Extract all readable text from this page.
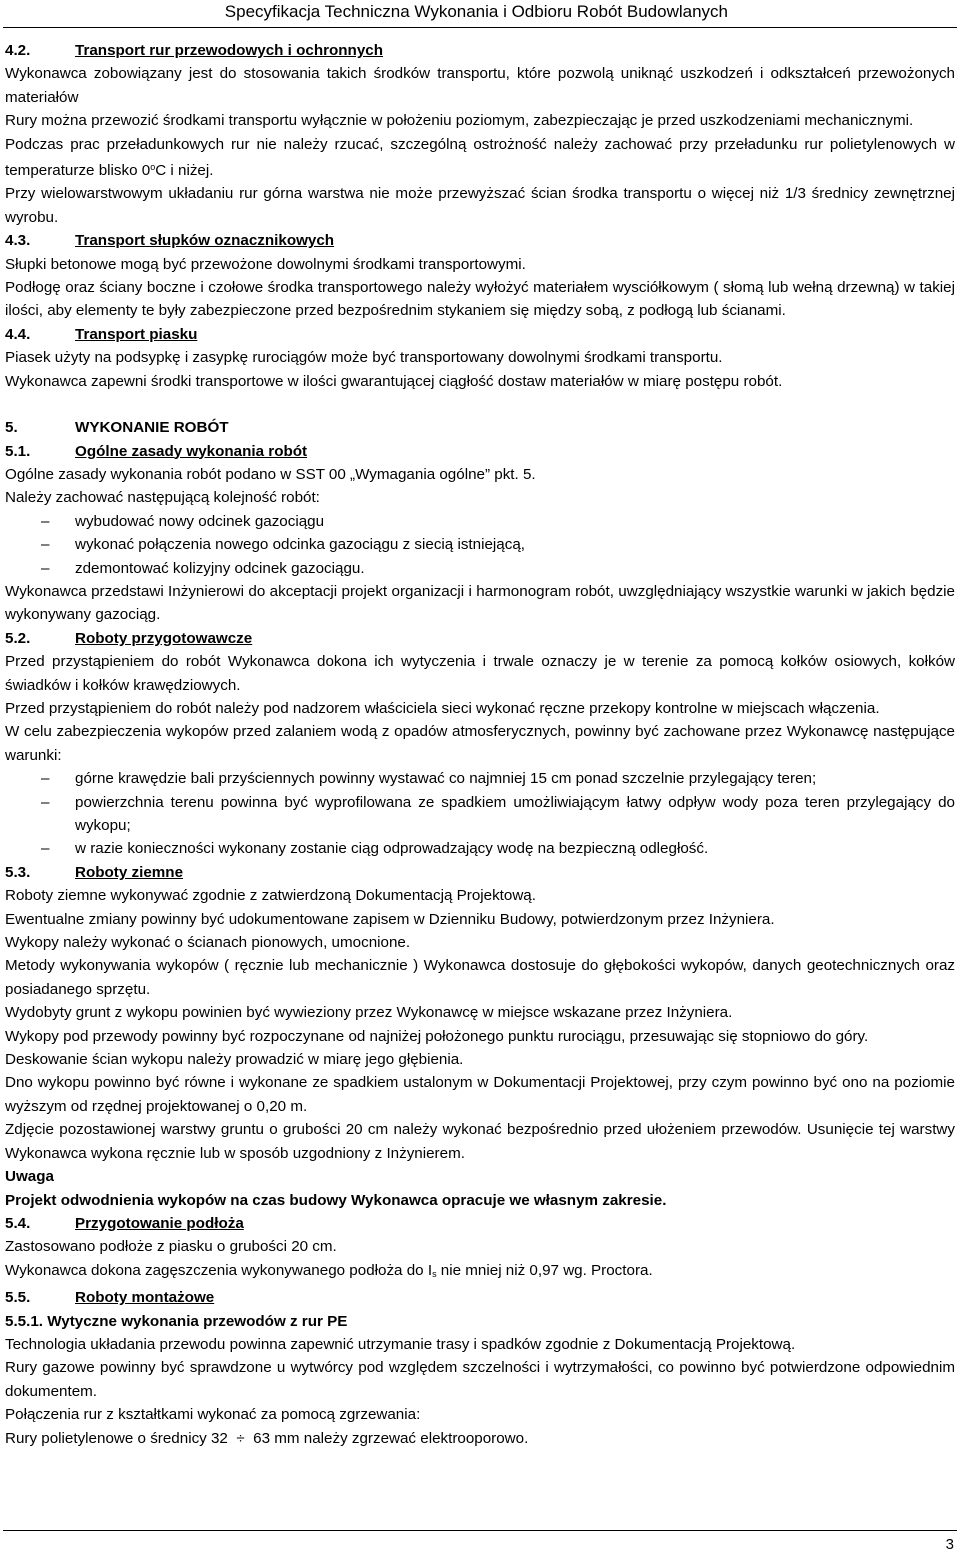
Specyfikacja Techniczna Wykonania i Odbioru Robót Budowlanych
4.2.	Transport rur przewodowych i ochronnych

Wykonawca zobowiązany jest do stosowania takich środków transportu, które pozwolą uniknąć uszkodzeń i odkształceń przewożonych materiałów

Rury można przewozić środkami transportu wyłącznie w położeniu poziomym, zabezpieczając je przed uszkodzeniami mechanicznymi.

Podczas prac przeładunkowych rur nie należy rzucać, szczególną ostrożność należy zachować przy przeładunku rur polietylenowych w temperaturze blisko 0$^o$C i niżej.

Przy wielowarstwowym układaniu rur górna warstwa nie może przewyższać ścian środka transportu o więcej niż 1/3 średnicy zewnętrznej wyrobu.

4.3.	Transport słupków oznacznikowych

Słupki betonowe mogą być przewożone dowolnymi środkami transportowymi.

Podłogę oraz ściany boczne i czołowe środka transportowego należy wyłożyć materiałem wysciółkowym ( słomą lub wełną drzewną) w takiej ilości, aby elementy te były zabezpieczone przed bezpośrednim stykaniem się między sobą, z podłogą lub ścianami.

4.4.	Transport piasku

Piasek użyty na podsypkę i zasypkę rurociągów może być transportowany dowolnymi środkami transportu.

Wykonawca zapewni środki transportowe w ilości gwarantującej ciągłość dostaw materiałów w miarę postępu robót.

5.	WYKONANIE ROBÓT
5.1.	Ogólne zasady wykonania robót

Ogólne zasady wykonania robót podano w SST 00 „Wymagania ogólne” pkt. 5.

Należy zachować następującą kolejność robót:

–	wybudować nowy odcinek gazociągu
–	wykonać połączenia nowego odcinka gazociągu z siecią istniejącą,
–	zdemontować kolizyjny odcinek gazociągu.

Wykonawca przedstawi Inżynierowi do akceptacji projekt organizacji i harmonogram robót, uwzględniający wszystkie warunki w jakich będzie wykonywany gazociąg.

5.2.	Roboty przygotowawcze

Przed przystąpieniem do robót Wykonawca dokona ich wytyczenia i trwale oznaczy je w terenie za pomocą kołków osiowych, kołków świadków i kołków krawędziowych.

Przed przystąpieniem do robót należy pod nadzorem właściciela sieci wykonać ręczne przekopy kontrolne w miejscach włączenia.

W celu zabezpieczenia wykopów przed zalaniem wodą z opadów atmosferycznych, powinny być zachowane przez Wykonawcę następujące warunki:

–	górne krawędzie bali przyściennych powinny wystawać co najmniej 15 cm ponad szczelnie przylegający teren;
–	powierzchnia terenu powinna być wyprofilowana ze spadkiem umożliwiającym łatwy odpływ wody poza teren przylegający do wykopu;
–	w razie konieczności wykonany zostanie ciąg odprowadzający wodę na bezpieczną odległość.
5.3.	Roboty ziemne

Roboty ziemne wykonywać zgodnie z zatwierdzoną Dokumentacją Projektową.

Ewentualne zmiany powinny być udokumentowane zapisem w Dzienniku Budowy, potwierdzonym przez Inżyniera.

Wykopy należy wykonać o ścianach pionowych, umocnione.

Metody wykonywania wykopów ( ręcznie lub mechanicznie ) Wykonawca dostosuje do głębokości wykopów, danych geotechnicznych oraz posiadanego sprzętu.

Wydobyty grunt z wykopu powinien być wywieziony przez Wykonawcę w miejsce wskazane przez Inżyniera.

Wykopy pod przewody powinny być rozpoczynane od najniżej położonego punktu rurociągu, przesuwając się stopniowo do góry.

Deskowanie ścian wykopu należy prowadzić w miarę jego głębienia.

Dno wykopu powinno być równe i wykonane ze spadkiem ustalonym w Dokumentacji Projektowej, przy czym powinno być ono na poziomie wyższym od rzędnej projektowanej o 0,20 m.

Zdjęcie pozostawionej warstwy gruntu o grubości 20 cm należy wykonać bezpośrednio przed ułożeniem przewodów. Usunięcie tej warstwy Wykonawca wykona ręcznie lub w sposób uzgodniony z Inżynierem.

Uwaga

Projekt odwodnienia wykopów na czas budowy Wykonawca opracuje we własnym zakresie.

5.4.	Przygotowanie podłoża

Zastosowano podłoże z piasku o grubości 20 cm.

Wykonawca dokona zagęszczenia wykonywanego podłoża do $I_s$ nie mniej niż 0,97 wg. Proctora.

5.5.	Roboty montażowe
5.5.1. Wytyczne wykonania przewodów z rur PE

Technologia układania przewodu powinna zapewnić utrzymanie trasy i spadków zgodnie z Dokumentacją Projektową.

Rury gazowe powinny być sprawdzone u wytwórcy pod względem szczelności i wytrzymałości, co powinno być potwierdzone odpowiednim dokumentem.

Połączenia rur z kształtkami wykonać za pomocą zgrzewania:

Rury polietylenowe o średnicy 32 ÷ 63 mm należy zgrzewać elektrooporowo.

3
